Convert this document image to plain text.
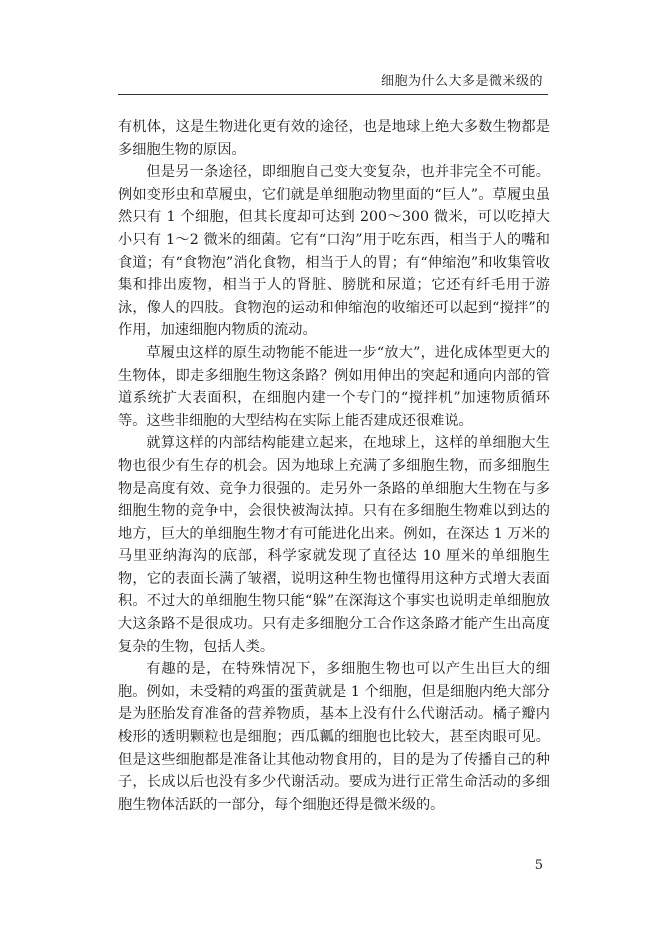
细胞为什么大多是微米级的

有机体，这是生物进化更有效的途径，也是地球上绝大多数生物都是多细胞生物的原因。

但是另一条途径，即细胞自己变大变复杂，也并非完全不可能。例如变形虫和草履虫，它们就是单细胞动物里面的“巨人”。草履虫虽然只有 1 个细胞，但其长度却可达到 200～300 微米，可以吃掉大小只有 1～2 微米的细菌。它有“口沟”用于吃东西，相当于人的嘴和食道；有“食物泡”消化食物，相当于人的胃；有“伸缩泡”和收集管收集和排出废物，相当于人的肾脏、膀胱和尿道；它还有纤毛用于游泳，像人的四肢。食物泡的运动和伸缩泡的收缩还可以起到“搅拌”的作用，加速细胞内物质的流动。

草履虫这样的原生动物能不能进一步“放大”，进化成体型更大的生物体，即走多细胞生物这条路？例如用伸出的突起和通向内部的管道系统扩大表面积，在细胞内建一个专门的“搅拌机”加速物质循环等。这些非细胞的大型结构在实际上能否建成还很难说。

就算这样的内部结构能建立起来，在地球上，这样的单细胞大生物也很少有生存的机会。因为地球上充满了多细胞生物，而多细胞生物是高度有效、竞争力很强的。走另外一条路的单细胞大生物在与多细胞生物的竞争中，会很快被淘汰掉。只有在多细胞生物难以到达的地方，巨大的单细胞生物才有可能进化出来。例如，在深达 1 万米的马里亚纳海沟的底部，科学家就发现了直径达 10 厘米的单细胞生物，它的表面长满了皱褶，说明这种生物也懂得用这种方式增大表面积。不过大的单细胞生物只能“躲”在深海这个事实也说明走单细胞放大这条路不是很成功。只有走多细胞分工合作这条路才能产生出高度复杂的生物，包括人类。

有趣的是，在特殊情况下，多细胞生物也可以产生出巨大的细胞。例如，未受精的鸡蛋的蛋黄就是 1 个细胞，但是细胞内绝大部分是为胚胎发育准备的营养物质，基本上没有什么代谢活动。橘子瓣内梭形的透明颗粒也是细胞；西瓜瓤的细胞也比较大，甚至肉眼可见。但是这些细胞都是准备让其他动物食用的，目的是为了传播自己的种子，长成以后也没有多少代谢活动。要成为进行正常生命活动的多细胞生物体活跃的一部分，每个细胞还得是微米级的。

5
